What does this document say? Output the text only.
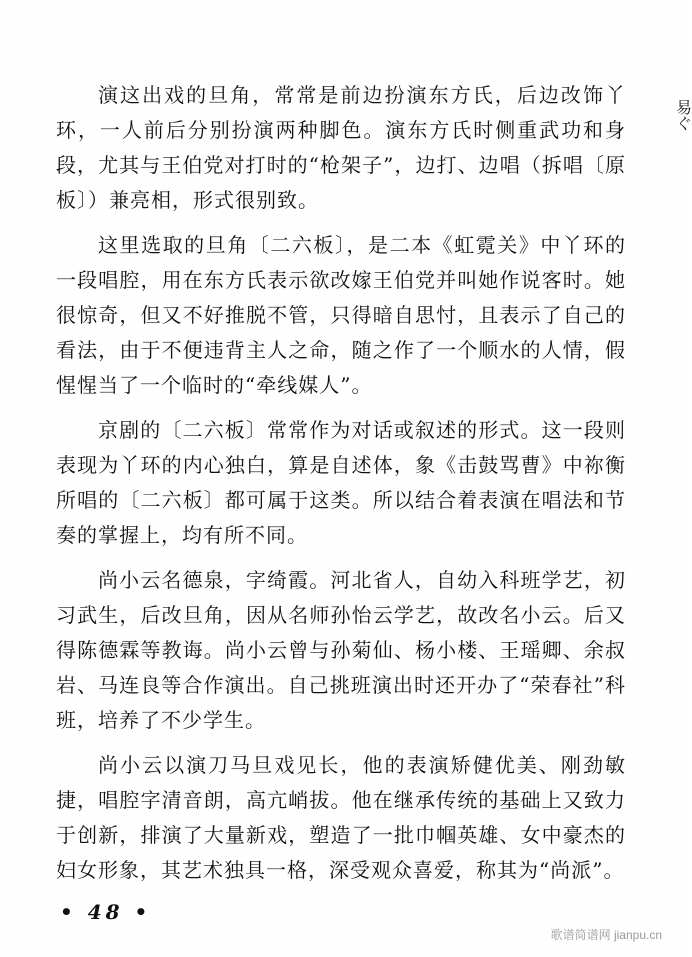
演这出戏的旦角，常常是前边扮演东方氏，后边改饰丫环，一人前后分别扮演两种脚色。演东方氏时侧重武功和身段，尤其与王伯党对打时的“枪架子”，边打、边唱（拆唱〔原板〕）兼亮相，形式很别致。

这里选取的旦角〔二六板〕，是二本《虹霓关》中丫环的一段唱腔，用在东方氏表示欲改嫁王伯党并叫她作说客时。她很惊奇，但又不好推脱不管，只得暗自思忖，且表示了自己的看法，由于不便违背主人之命，随之作了一个顺水的人情，假惺惺当了一个临时的“牵线媒人”。

京剧的〔二六板〕常常作为对话或叙述的形式。这一段则表现为丫环的内心独白，算是自述体，象《击鼓骂曹》中祢衡所唱的〔二六板〕都可属于这类。所以结合着表演在唱法和节奏的掌握上，均有所不同。

尚小云名德泉，字绮霞。河北省人，自幼入科班学艺，初习武生，后改旦角，因从名师孙怡云学艺，故改名小云。后又得陈德霖等教诲。尚小云曾与孙菊仙、杨小楼、王瑶卿、余叔岩、马连良等合作演出。自己挑班演出时还开办了“荣春社”科班，培养了不少学生。

尚小云以演刀马旦戏见长，他的表演矫健优美、刚劲敏捷，唱腔字清音朗，高亢峭拔。他在继承传统的基础上又致力于创新，排演了大量新戏，塑造了一批巾帼英雄、女中豪杰的妇女形象，其艺术独具一格，深受观众喜爱，称其为“尚派”。

易ぐ
• 48 •
歌谱简谱网 jianpu.cn
